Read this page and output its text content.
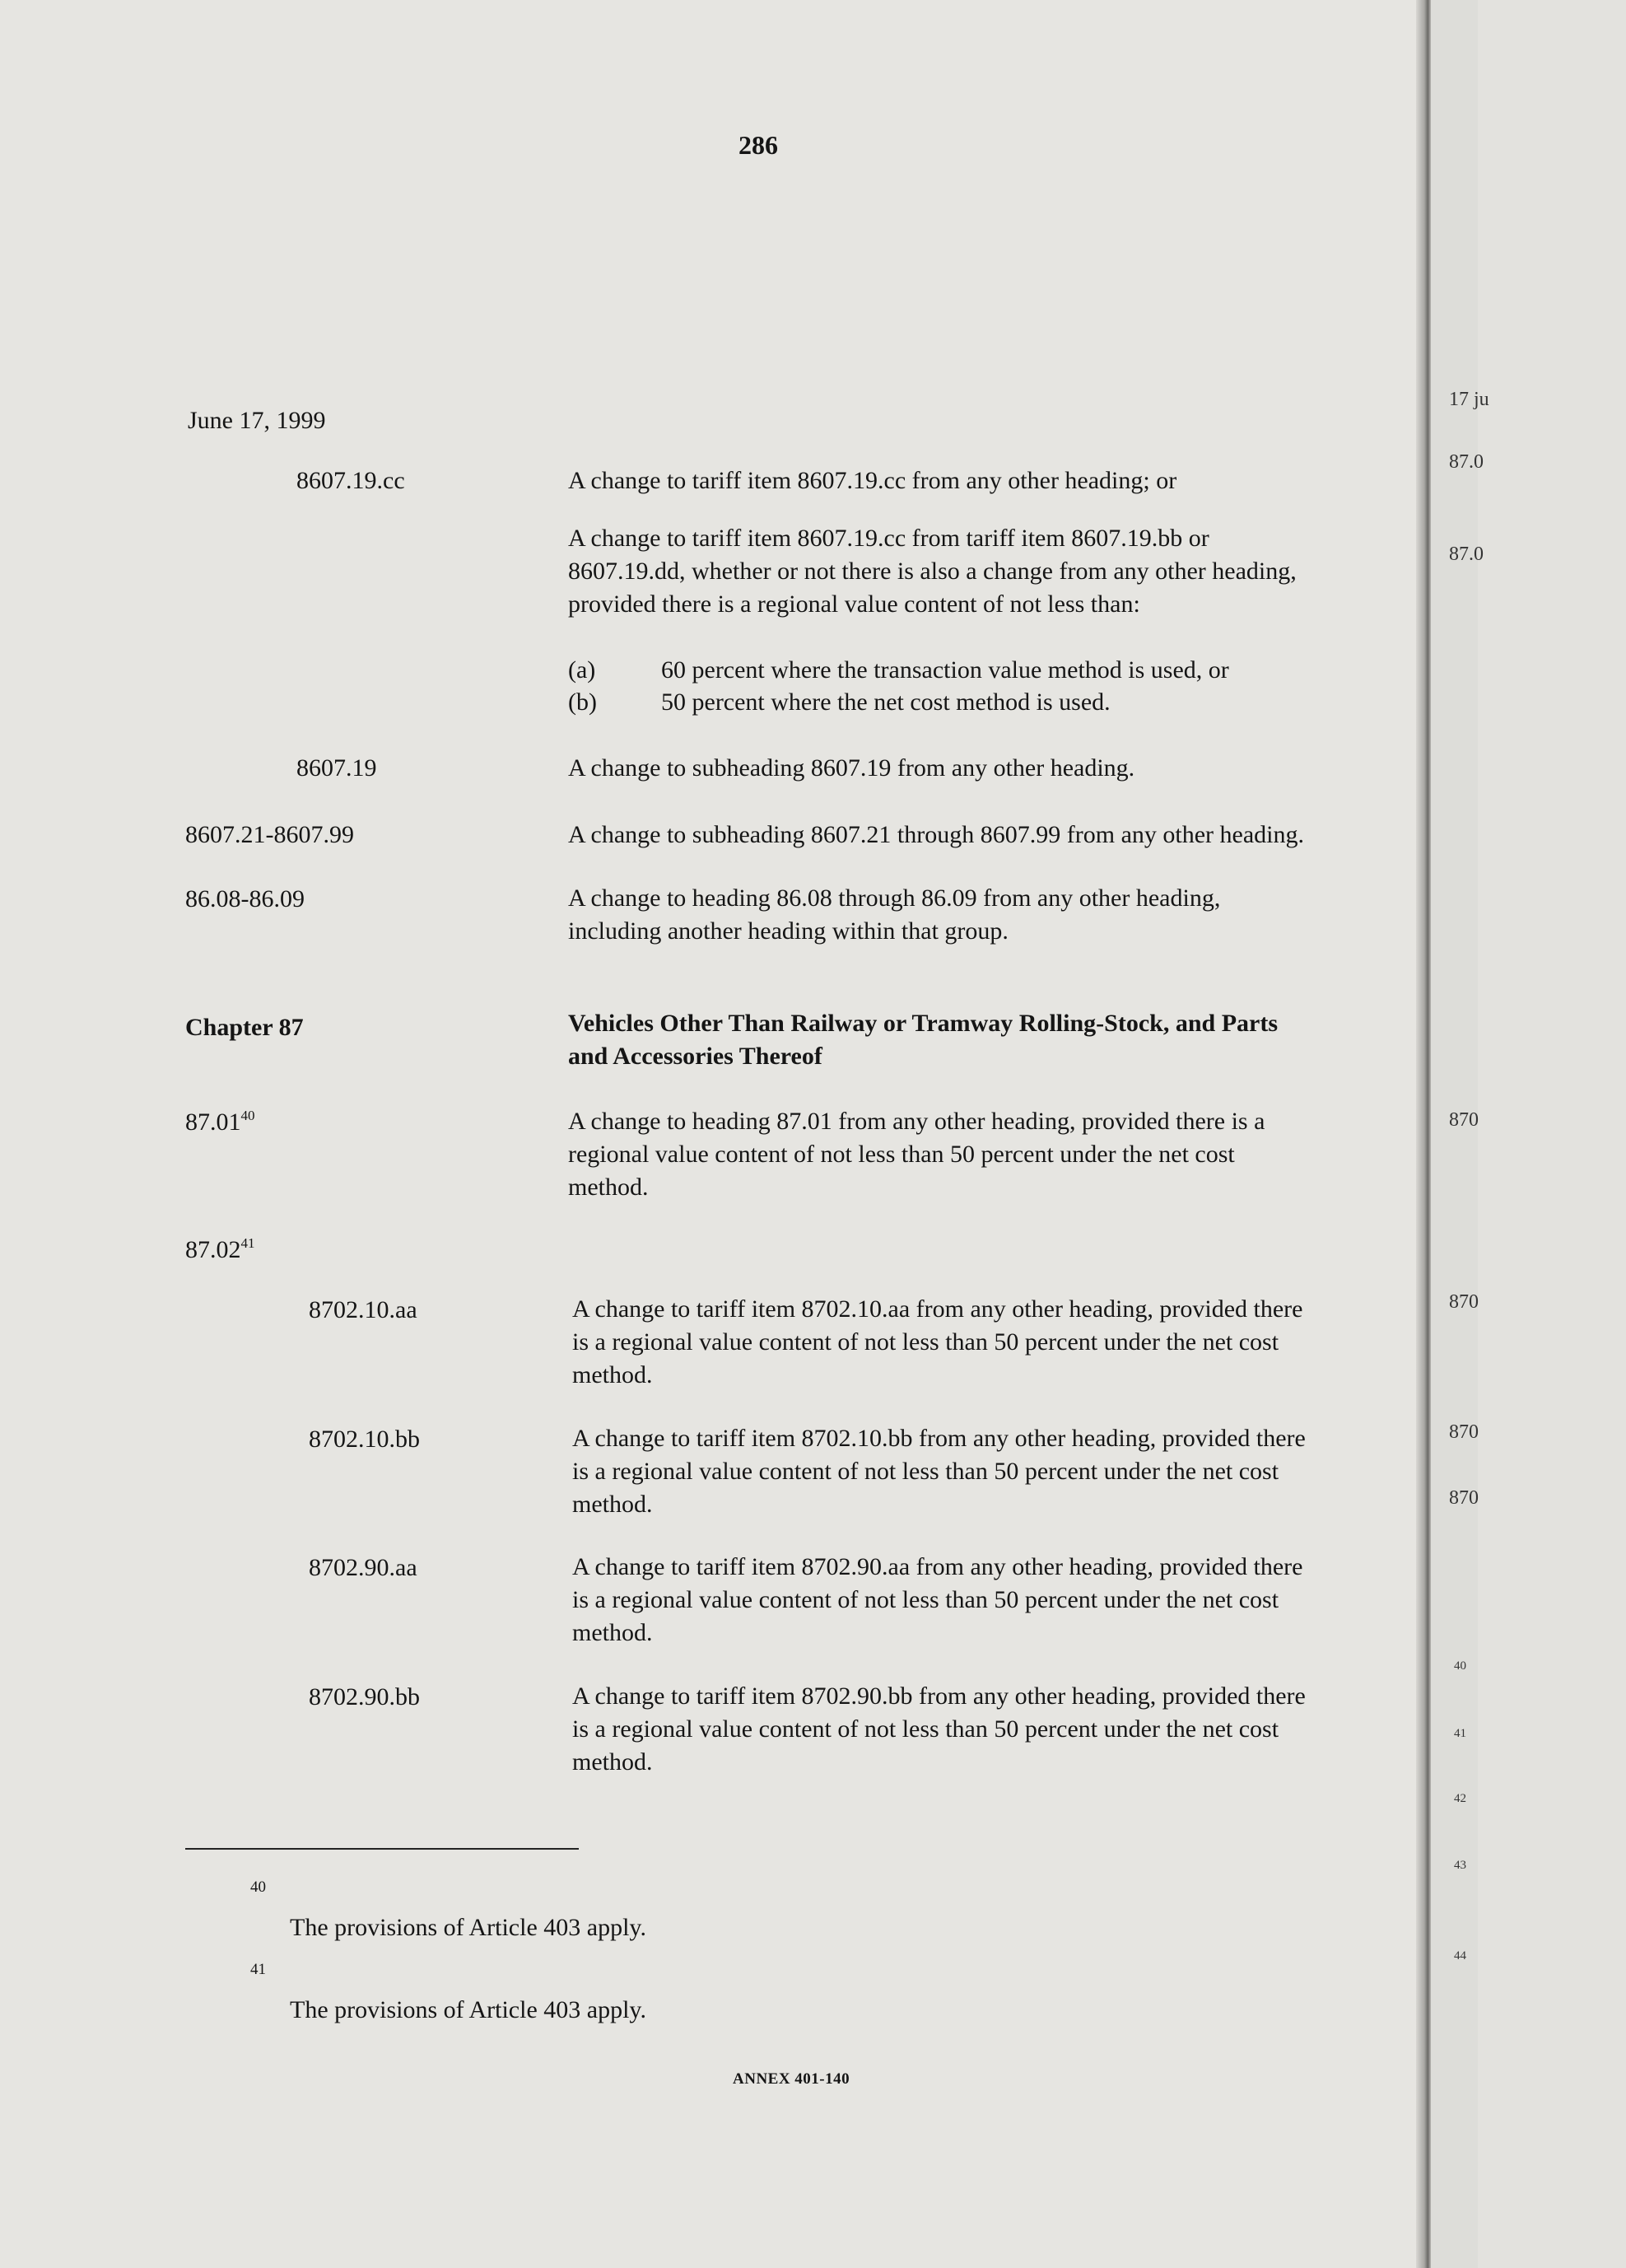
286
June 17, 1999
8607.19.cc	A change to tariff item 8607.19.cc from any other heading; or

A change to tariff item 8607.19.cc from tariff item 8607.19.bb or

8607.19.dd, whether or not there is also a change from any other heading,

provided there is a regional value content of not less than:

(a)	60 percent where the transaction value method is used, or
(b)	50 percent where the net cost method is used.
8607.19	A change to subheading 8607.19 from any other heading.
8607.21-8607.99	A change to subheading 8607.21 through 8607.99 from any other heading.
86.08-86.09	A change to heading 86.08 through 86.09 from any other heading,

including another heading within that group.

Chapter 87	Vehicles Other Than Railway or Tramway Rolling-Stock, and Parts

and Accessories Thereof

87.01$^{40}$	A change to heading 87.01 from any other heading, provided there is a

regional value content of not less than 50 percent under the net cost

method.

87.02$^{41}$
8702.10.aa	A change to tariff item 8702.10.aa from any other heading, provided there

is a regional value content of not less than 50 percent under the net cost

method.

8702.10.bb	A change to tariff item 8702.10.bb from any other heading, provided there

is a regional value content of not less than 50 percent under the net cost

method.

8702.90.aa	A change to tariff item 8702.90.aa from any other heading, provided there

is a regional value content of not less than 50 percent under the net cost

method.

8702.90.bb	A change to tariff item 8702.90.bb from any other heading, provided there

is a regional value content of not less than 50 percent under the net cost

method.

40
The provisions of Article 403 apply.
41
The provisions of Article 403 apply.
ANNEX 401-140
17 ju
87.0
87.0
870
870
870
870
40
41
42
43
44
